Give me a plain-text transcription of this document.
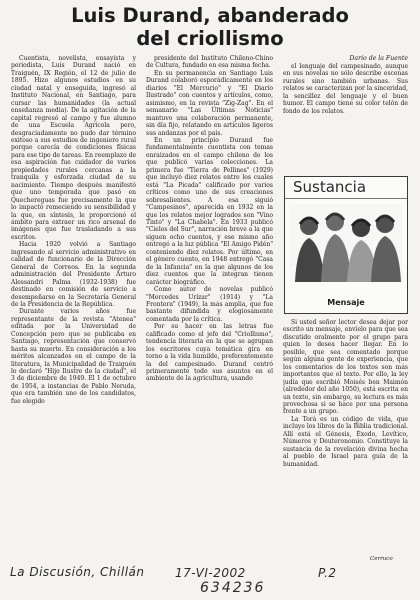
Luis Durand, abanderado
del criollismo
Darío de la Fuente

Cuentista, novelista, ensayista y periodista, Luis Durand nació en Traiguén, IX Región, el 12 de julio de 1895. Hizo algunos estudios en su ciudad natal y enseguida, ingresó al Instituto Nacional, en Santiago, para cursar las humanidades (la actual enseñanza media). De la agitación de la capital regresó al campo y fue alumno de una Escuela Agrícola pero, desgraciadamente no pudo dar término exitoso a sus estudios de ingeniero rural porque carecía de condiciones físicas para ese tipo de tareas. En reemplazo de esa aspiración fue cuidador de varios propiedades rurales cercanas a la tranquila y esforzada ciudad de su nacimiento. Tiempo después manifestó que uno temporada que pasó en Quechereguas fue precisamente la que lo impactó remeciendo su sensibilidad y la que, en síntesis, le proporcionó el ámbito para extraer un rico arsenal de imágenes que fue trasladando a sus escritos.

Hacia 1920 volvió a Santiago ingresando al servicio administrativo en calidad de funcionario de la Dirección General de Correos. En la segunda administración del Presidente Arturo Alessandri Palma (1932-1938) fue destinado en comisión de servicio a desempeñarse en la Secretaría General de la Presidencia de la República.

Durante varios años fue representante de la revista "Atenea" editada por la Universidad de Concepción pero que se publicaba en Santiago, representación que conservó hasta su muerte. En consideración a los méritos alcanzados en el campo de la literatura, la Municipalidad de Traiguén lo declaró "Hijo Ilustre de la ciudad", el 3 de diciembre de 1949. El 1 de octubre de 1954, a instancias de Pablo Neruda, que era también uno de los candidatos, fue elegido

presidente del Instituto Chileno-Chino de Cultura, fundado en esa misma fecha.

En su permanencia en Santiago Luis Durand colaboró esporádicamente en los diarios "El Mercurio" y "El Diario Ilustrado" con cuentos y artículos, como, asimismo, en la revista "Zig-Zag". En el semanario "Las Últimas Noticias" mantuvo una colaboración permanente, sin día fijo, relatando en artículos ligeros sus andanzas por el país.

En un principio Durand fue fundamentalmente cuentista con temas enraizados en el campo chileno de los que publicó varias colecciones. La primera fue "Tierra de Pellines" (1929) que incluyó diez relatos entre los cuales está "La Picada" calificado por varios críticos como uno de sus creaciones sobresalientes. A esa siguió "Campesinos", aparecida en 1932 en la que los relatos mejor logrados son "Vino Tinto" y "La Chabela". En 1933 publicó "Cielos del Sur", narración breve a la que siguen ocho cuentos, y ese mismo año entregó a la luz pública "El Amigo Pidén" conteniendo diez relatos. Por último, en el género cuento, en 1948 entregó "Casa de la Infancia" en la que algunos de los diez cuentos que la integran tienen carácter biográfico.

Como autor de novelas publicó "Mercedes Urízar" (1914) y "La Frontera" (1949), la más amplia, que fue bastante difundida y elogiosamente comentada por la crítica.

Por su hacer en las letras fue calificado como el jefe del "Criollismo", tendencia literaria en la que se agrupan los escritores cuya temática gira en torno a la vida humilde, preferentemente la del campesinado. Durand centró primeramente todo sus asuntos en el ambiente de la agricultura, usando

el lenguaje del campesinado, aunque en sus novelas no sólo describe escenas rurales sino también urbanas. Sus relatos se caracterizan por la sinceridad, la sencillez del lenguaje y el buen humor. El campo tiene su color telón de fondo de los relatos.

Sustancia
Mensaje

Si usted señor lector desea dejar por escrito un mensaje, envíelo para que sea discutido oralmente por el grupo para quien lo desea hacer llegar. En lo posible, que sea comentado porque según alguna gente de experiencia, que los comentarios de los textos son más importantes que el texto. Por ello, la ley judía que escribió Moisés ben Maimón (alrededor del año 1050), está escrita en un texto, sin embargo, su lectura es más provechosa si se hace por una persona frente a un grupo.

La Torá es un código de vida, que incluye los libros de la Biblia tradicional. Allí está el Génesis, Éxodo, Levítico, Números y Deuteronomio. Constituye la sustancia de la revelación divina hecha al pueblo de Israel para guía de la humanidad.

Cerruco
La Discusión, Chillán	17-VI-2002	P.2
634236
